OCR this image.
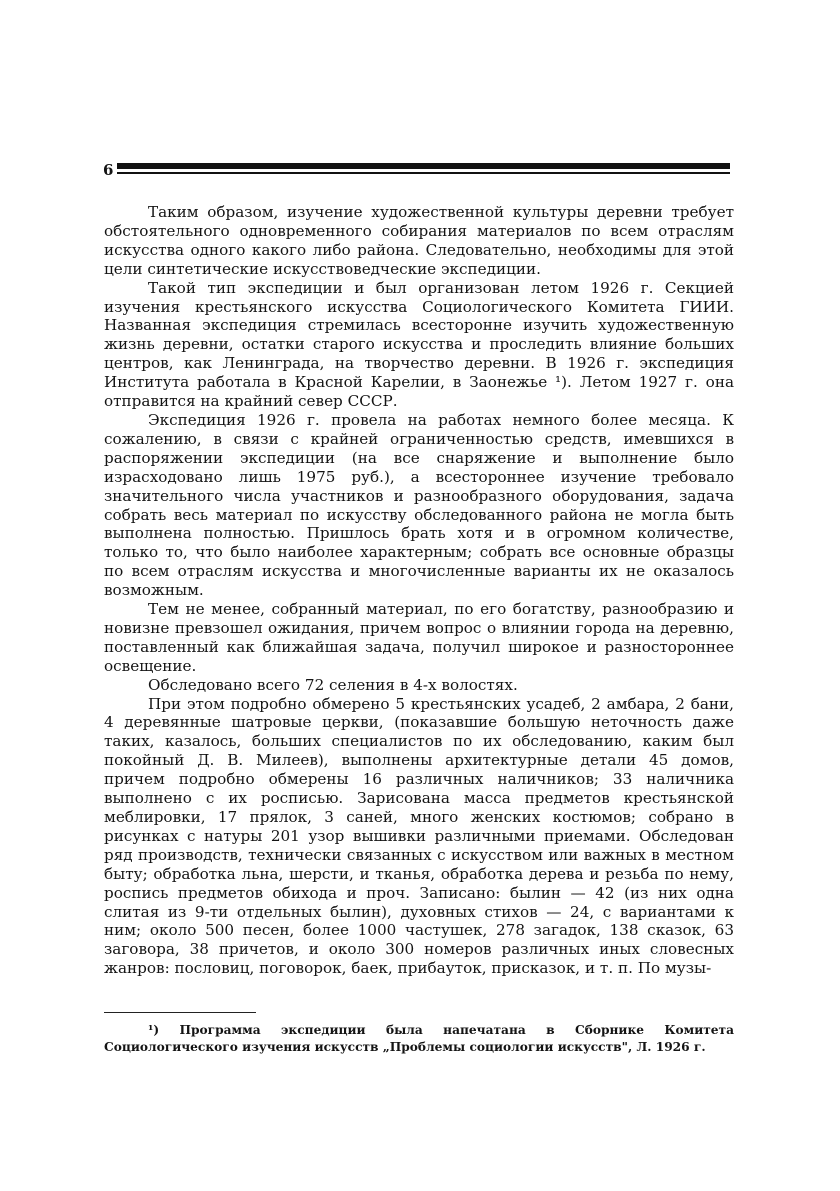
6

Таким образом, изучение художественной культуры деревни требует обстоятельного одновременного собирания материалов по всем отраслям искусства одного какого либо района. Следовательно, необходимы для этой цели синтетические искусствоведческие экспедиции.

Такой тип экспедиции и был организован летом 1926 г. Секцией изучения крестьянского искусства Социологического Комитета ГИИИ. Названная экспедиция стремилась всесторонне изучить художественную жизнь деревни, остатки старого искусства и проследить влияние больших центров, как Ленинграда, на творчество деревни. В 1926 г. экспедиция Института работала в Красной Карелии, в Заонежье ¹). Летом 1927 г. она отправится на крайний север СССР.

Экспедиция 1926 г. провела на работах немного более месяца. К сожалению, в связи с крайней ограниченностью средств, имевшихся в распоряжении экспедиции (на все снаряжение и выполнение было израсходовано лишь 1975 руб.), а всестороннее изучение требовало значительного числа участников и разнообразного оборудования, задача собрать весь материал по искусству обследованного района не могла быть выполнена полностью. Пришлось брать хотя и в огромном количестве, только то, что было наиболее характерным; собрать все основные образцы по всем отраслям искусства и многочисленные варианты их не оказалось возможным.

Тем не менее, собранный материал, по его богатству, разнообразию и новизне превзошел ожидания, причем вопрос о влиянии города на деревню, поставленный как ближайшая задача, получил широкое и разностороннее освещение.

Обследовано всего 72 селения в 4-х волостях.

При этом подробно обмерено 5 крестьянских усадеб, 2 амбара, 2 бани, 4 деревянные шатровые церкви, (показавшие большую неточность даже таких, казалось, больших специалистов по их обследованию, каким был покойный Д. В. Милеев), выполнены архитектурные детали 45 домов, причем подробно обмерены 16 различных наличников; 33 наличника выполнено с их росписью. Зарисована масса предметов крестьянской меблировки, 17 прялок, 3 саней, много женских костюмов; собрано в рисунках с натуры 201 узор вышивки различными приемами. Обследован ряд производств, технически связанных с искусством или важных в местном быту; обработка льна, шерсти, и тканья, обработка дерева и резьба по нему, роспись предметов обихода и проч. Записано: былин — 42 (из них одна слитая из 9-ти отдельных былин), духовных стихов — 24, с вариантами к ним; около 500 песен, более 1000 частушек, 278 загадок, 138 сказок, 63 заговора, 38 причетов, и около 300 номеров различных иных словесных жанров: пословиц, поговорок, баек, прибауток, присказок, и т. п. По музы-

¹) Программа экспедиции была напечатана в Сборнике Комитета Социологического изучения искусств „Проблемы социологии искусств", Л. 1926 г.
